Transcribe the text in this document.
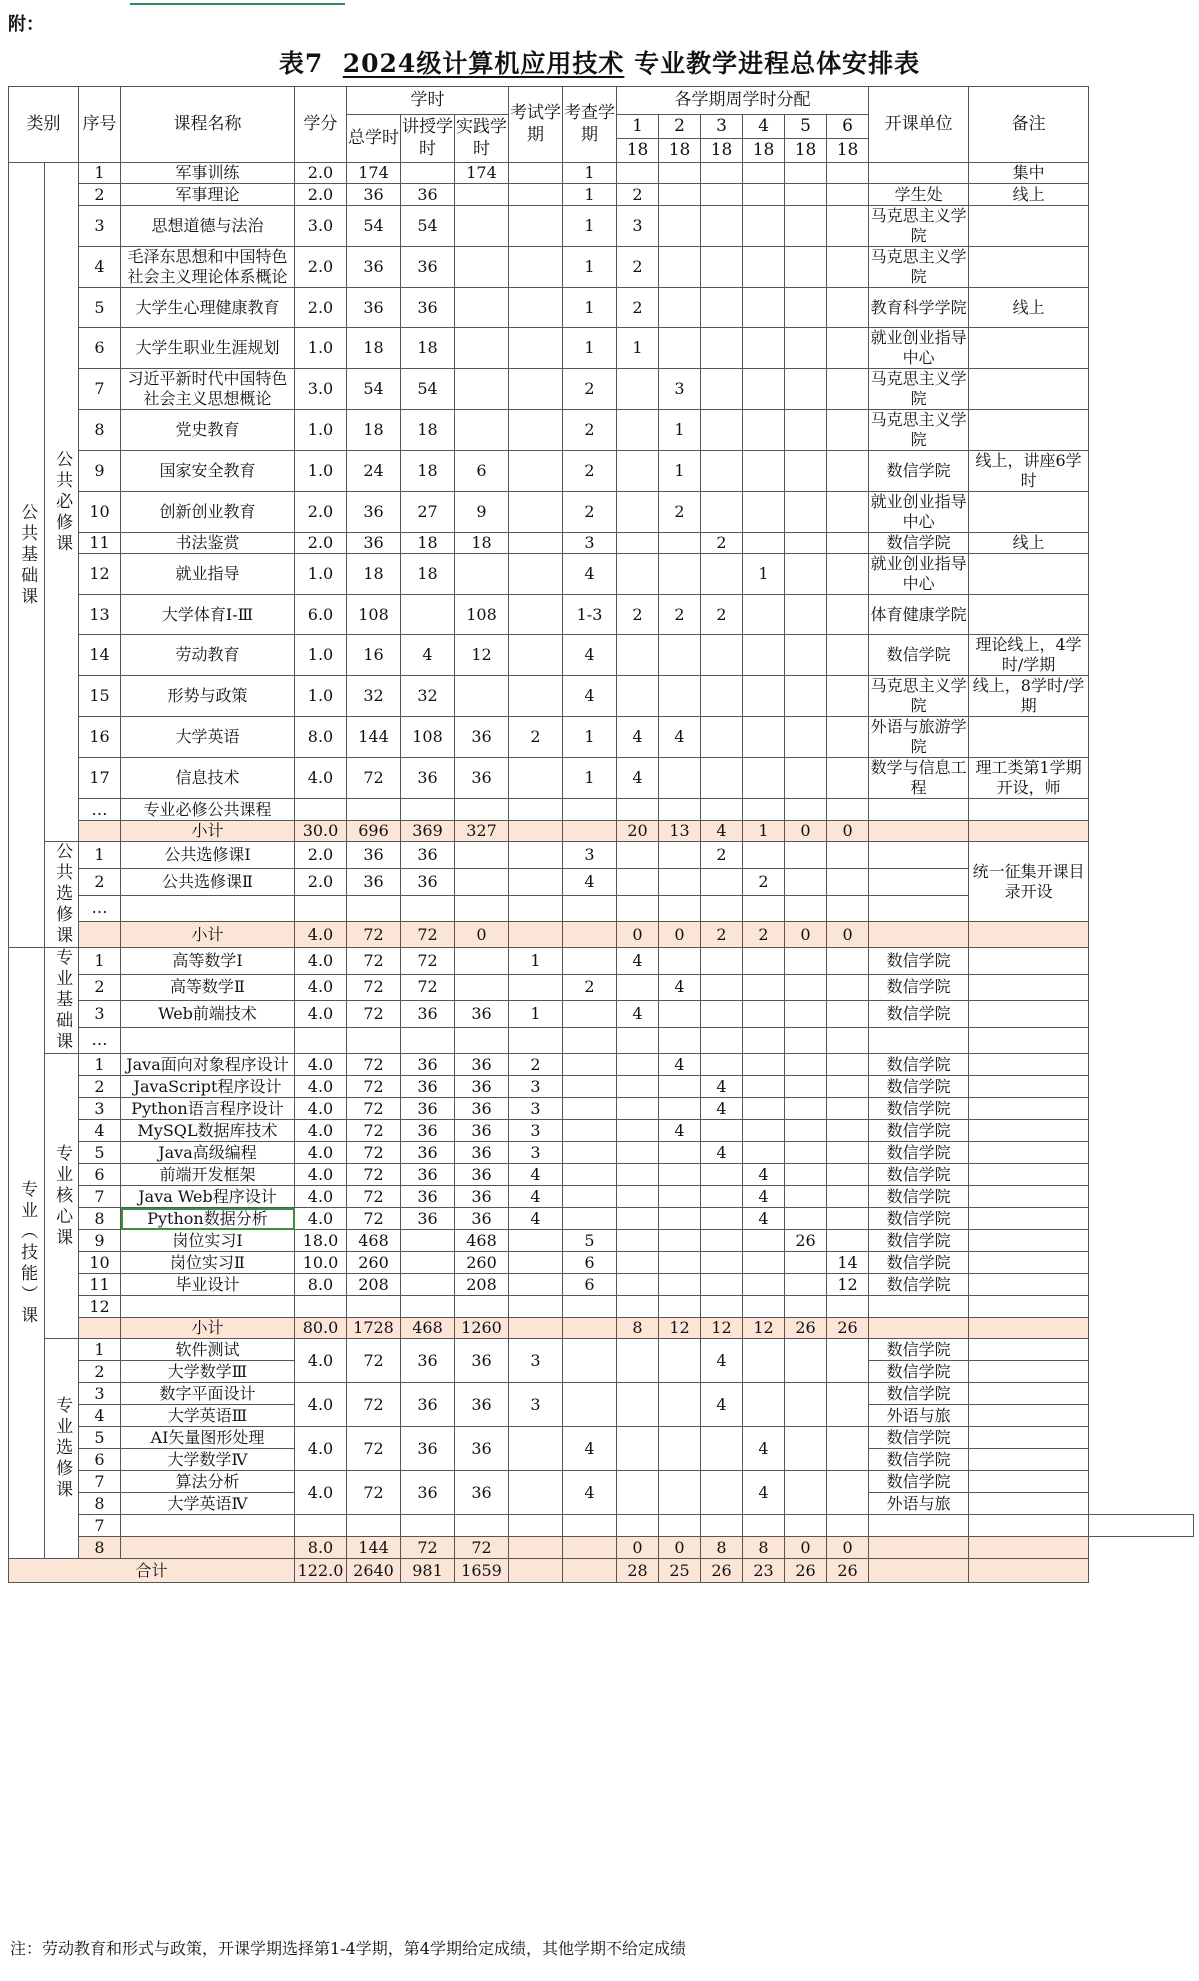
附：
表7 2024级计算机应用技术 专业教学进程总体安排表
类别		序号	课程名称	学分	学时			考试学期	考查学期	各学期周学时分配						开课单位	备注	
					总学时	讲授学时	实践学时			1	2	3	4	5	6			
										18	18	18	18	18	18			
公共基础课	公共必修课	1	军事训练	2.0	174		174		1								集中	
		2	军事理论	2.0	36	36			1	2						学生处	线上	
		3	思想道德与法治	3.0	54	54			1	3						马克思主义学院		
		4	毛泽东思想和中国特色社会主义理论体系概论	2.0	36	36			1	2						马克思主义学院		
		5	大学生心理健康教育	2.0	36	36			1	2						教育科学学院	线上	
		6	大学生职业生涯规划	1.0	18	18			1	1						就业创业指导中心		
		7	习近平新时代中国特色社会主义思想概论	3.0	54	54			2		3					马克思主义学院		
		8	党史教育	1.0	18	18			2		1					马克思主义学院		
		9	国家安全教育	1.0	24	18	6		2		1					数信学院	线上，讲座6学时	
		10	创新创业教育	2.0	36	27	9		2		2					就业创业指导中心		
		11	书法鉴赏	2.0	36	18	18		3			2				数信学院	线上	
		12	就业指导	1.0	18	18			4				1			就业创业指导中心		
		13	大学体育Ⅰ-Ⅲ	6.0	108		108		1-3	2	2	2				体育健康学院		
		14	劳动教育	1.0	16	4	12		4							数信学院	理论线上，4学时/学期	
		15	形势与政策	1.0	32	32			4							马克思主义学院	线上，8学时/学期	
		16	大学英语	8.0	144	108	36	2	1	4	4					外语与旅游学院		
		17	信息技术	4.0	72	36	36		1	4						数学与信息工程	理工类第1学期开设，师	
		…	专业必修公共课程															
			小计	30.0	696	369	327			20	13	4	1	0	0			
	公共选修课	1	公共选修课Ⅰ	2.0	36	36			3			2					统一征集开课目录开设	
		2	公共选修课Ⅱ	2.0	36	36			4				2					
		…																
			小计	4.0	72	72	0			0	0	2	2	0	0			
专业（技能）课	专业基础课	1	高等数学Ⅰ	4.0	72	72		1		4						数信学院		
		2	高等数学Ⅱ	4.0	72	72			2		4					数信学院		
		3	Web前端技术	4.0	72	36	36	1		4						数信学院		
		…																
	专业核心课	1	Java面向对象程序设计	4.0	72	36	36	2			4					数信学院		
		2	JavaScript程序设计	4.0	72	36	36	3				4				数信学院		
		3	Python语言程序设计	4.0	72	36	36	3				4				数信学院		
		4	MySQL数据库技术	4.0	72	36	36	3			4					数信学院		
		5	Java高级编程	4.0	72	36	36	3				4				数信学院		
		6	前端开发框架	4.0	72	36	36	4					4			数信学院		
		7	Java Web程序设计	4.0	72	36	36	4					4			数信学院		
		8	Python数据分析	4.0	72	36	36	4					4			数信学院		
		9	岗位实习Ⅰ	18.0	468		468		5					26		数信学院		
		10	岗位实习Ⅱ	10.0	260		260		6						14	数信学院		
		11	毕业设计	8.0	208		208		6						12	数信学院		
		12																
			小计	80.0	1728	468	1260			8	12	12	12	26	26			
	专业选修课	1	软件测试	4.0	72	36	36	3				4				数信学院		
		2	大学数学Ⅲ													数信学院		
		3	数字平面设计	4.0	72	36	36	3				4				数信学院		
		4	大学英语Ⅲ													外语与旅		
		5	AI矢量图形处理	4.0	72	36	36		4				4			数信学院		
		6	大学数学Ⅳ													数信学院		
		7	算法分析	4.0	72	36	36		4				4			数信学院		
		8	大学英语Ⅳ													外语与旅		
		7																
		8		8.0	144	72	72			0	0	8	8	0	0			
合计				122.0	2640	981	1659			28	25	26	23	26	26			
注：劳动教育和形式与政策，开课学期选择第1-4学期，第4学期给定成绩，其他学期不给定成绩
